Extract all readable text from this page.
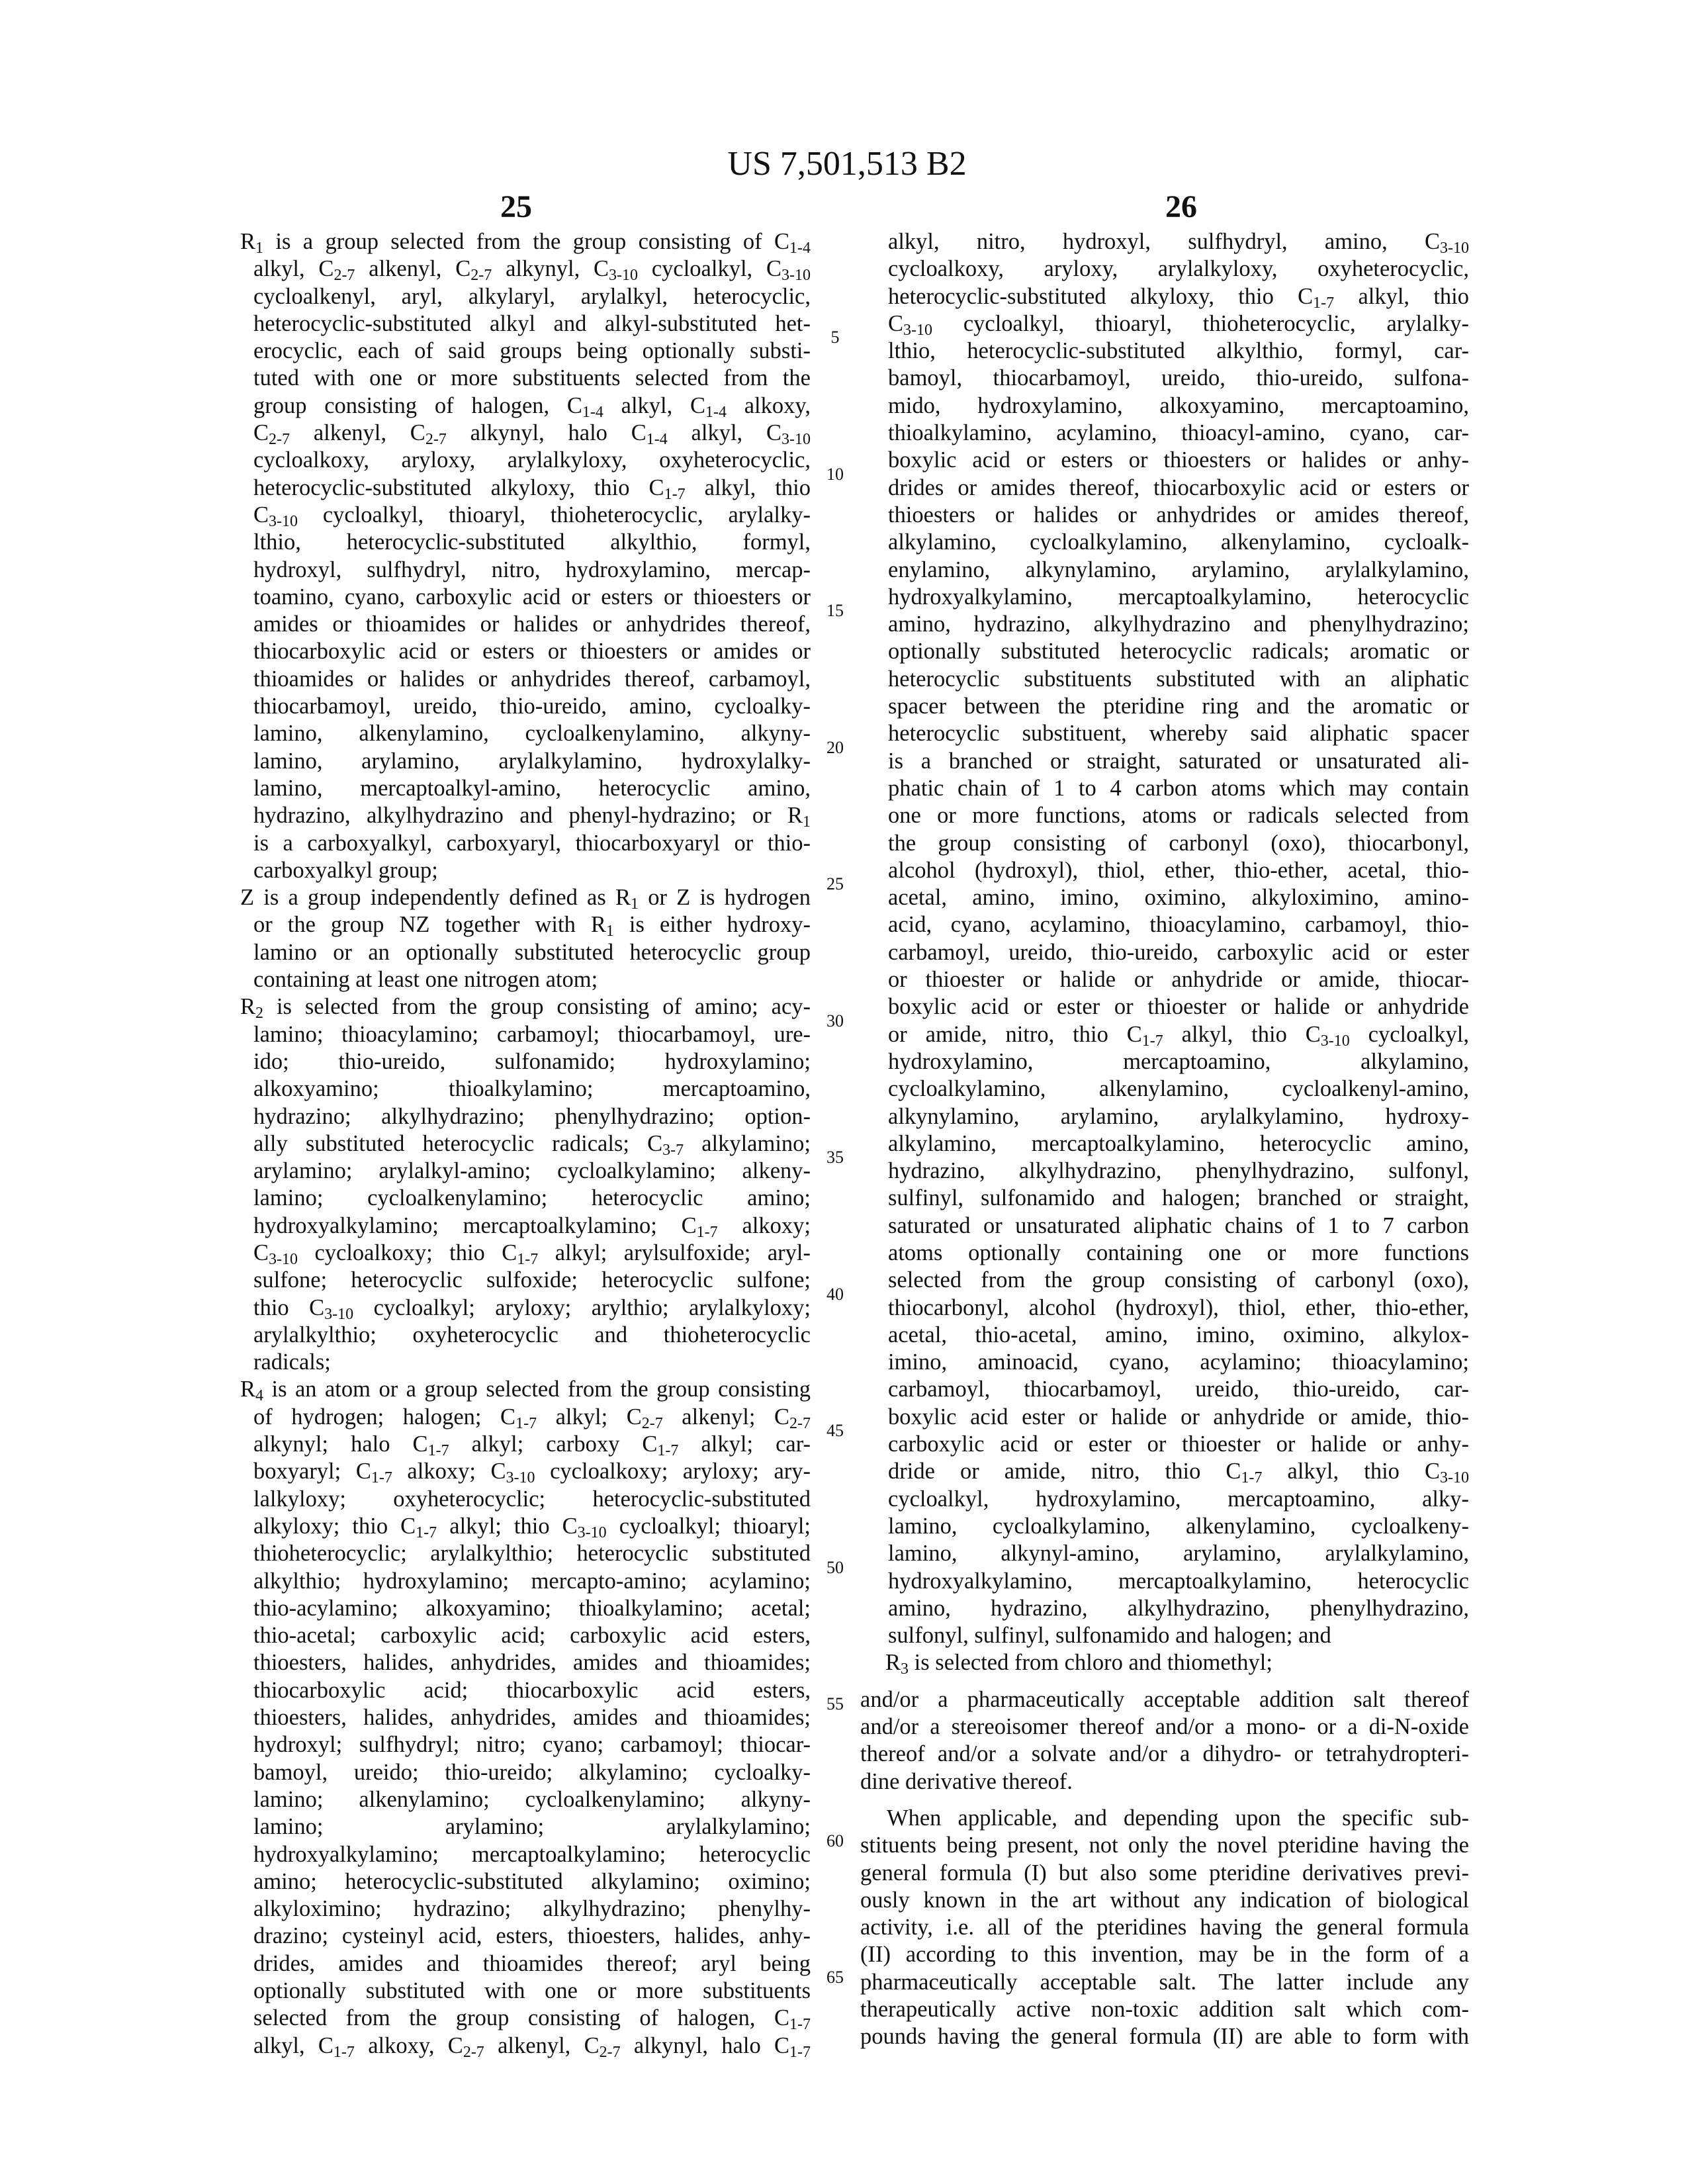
US 7,501,513 B2
25	26
$R_1$ is a group selected from the group consisting of $C_{1-4}$
alkyl, $C_{2-7}$ alkenyl, $C_{2-7}$ alkynyl, $C_{3-10}$ cycloalkyl, $C_{3-10}$
cycloalkenyl, aryl, alkylaryl, arylalkyl, heterocyclic,
heterocyclic-substituted alkyl and alkyl-substituted het-
erocyclic, each of said groups being optionally substi-
tuted with one or more substituents selected from the
group consisting of halogen, $C_{1-4}$ alkyl, $C_{1-4}$ alkoxy,
$C_{2-7}$ alkenyl, $C_{2-7}$ alkynyl, halo $C_{1-4}$ alkyl, $C_{3-10}$
cycloalkoxy, aryloxy, arylalkyloxy, oxyheterocyclic,
heterocyclic-substituted alkyloxy, thio $C_{1-7}$ alkyl, thio
$C_{3-10}$ cycloalkyl, thioaryl, thioheterocyclic, arylalky-
lthio, heterocyclic-substituted alkylthio, formyl,
hydroxyl, sulfhydryl, nitro, hydroxylamino, mercap-
toamino, cyano, carboxylic acid or esters or thioesters or
amides or thioamides or halides or anhydrides thereof,
thiocarboxylic acid or esters or thioesters or amides or
thioamides or halides or anhydrides thereof, carbamoyl,
thiocarbamoyl, ureido, thio-ureido, amino, cycloalky-
lamino, alkenylamino, cycloalkenylamino, alkyny-
lamino, arylamino, arylalkylamino, hydroxylalky-
lamino, mercaptoalkyl-amino, heterocyclic amino,
hydrazino, alkylhydrazino and phenyl-hydrazino; or $R_1$
is a carboxyalkyl, carboxyaryl, thiocarboxyaryl or thio-
carboxyalkyl group;
Z is a group independently defined as $R_1$ or Z is hydrogen
or the group NZ together with $R_1$ is either hydroxy-
lamino or an optionally substituted heterocyclic group
containing at least one nitrogen atom;
$R_2$ is selected from the group consisting of amino; acy-
lamino; thioacylamino; carbamoyl; thiocarbamoyl, ure-
ido; thio-ureido, sulfonamido; hydroxylamino;
alkoxyamino; thioalkylamino; mercaptoamino,
hydrazino; alkylhydrazino; phenylhydrazino; option-
ally substituted heterocyclic radicals; $C_{3-7}$ alkylamino;
arylamino; arylalkyl-amino; cycloalkylamino; alkeny-
lamino; cycloalkenylamino; heterocyclic amino;
hydroxyalkylamino; mercaptoalkylamino; $C_{1-7}$ alkoxy;
$C_{3-10}$ cycloalkoxy; thio $C_{1-7}$ alkyl; arylsulfoxide; aryl-
sulfone; heterocyclic sulfoxide; heterocyclic sulfone;
thio $C_{3-10}$ cycloalkyl; aryloxy; arylthio; arylalkyloxy;
arylalkylthio; oxyheterocyclic and thioheterocyclic
radicals;
$R_4$ is an atom or a group selected from the group consisting
of hydrogen; halogen; $C_{1-7}$ alkyl; $C_{2-7}$ alkenyl; $C_{2-7}$
alkynyl; halo $C_{1-7}$ alkyl; carboxy $C_{1-7}$ alkyl; car-
boxyaryl; $C_{1-7}$ alkoxy; $C_{3-10}$ cycloalkoxy; aryloxy; ary-
lalkyloxy; oxyheterocyclic; heterocyclic-substituted
alkyloxy; thio $C_{1-7}$ alkyl; thio $C_{3-10}$ cycloalkyl; thioaryl;
thioheterocyclic; arylalkylthio; heterocyclic substituted
alkylthio; hydroxylamino; mercapto-amino; acylamino;
thio-acylamino; alkoxyamino; thioalkylamino; acetal;
thio-acetal; carboxylic acid; carboxylic acid esters,
thioesters, halides, anhydrides, amides and thioamides;
thiocarboxylic acid; thiocarboxylic acid esters,
thioesters, halides, anhydrides, amides and thioamides;
hydroxyl; sulfhydryl; nitro; cyano; carbamoyl; thiocar-
bamoyl, ureido; thio-ureido; alkylamino; cycloalky-
lamino; alkenylamino; cycloalkenylamino; alkyny-
lamino; arylamino; arylalkylamino;
hydroxyalkylamino; mercaptoalkylamino; heterocyclic
amino; heterocyclic-substituted alkylamino; oximino;
alkyloximino; hydrazino; alkylhydrazino; phenylhy-
drazino; cysteinyl acid, esters, thioesters, halides, anhy-
drides, amides and thioamides thereof; aryl being
optionally substituted with one or more substituents
selected from the group consisting of halogen, $C_{1-7}$
alkyl, $C_{1-7}$ alkoxy, $C_{2-7}$ alkenyl, $C_{2-7}$ alkynyl, halo $C_{1-7}$
alkyl, nitro, hydroxyl, sulfhydryl, amino, $C_{3-10}$
cycloalkoxy, aryloxy, arylalkyloxy, oxyheterocyclic,
heterocyclic-substituted alkyloxy, thio $C_{1-7}$ alkyl, thio
$C_{3-10}$ cycloalkyl, thioaryl, thioheterocyclic, arylalky-
lthio, heterocyclic-substituted alkylthio, formyl, car-
bamoyl, thiocarbamoyl, ureido, thio-ureido, sulfona-
mido, hydroxylamino, alkoxyamino, mercaptoamino,
thioalkylamino, acylamino, thioacyl-amino, cyano, car-
boxylic acid or esters or thioesters or halides or anhy-
drides or amides thereof, thiocarboxylic acid or esters or
thioesters or halides or anhydrides or amides thereof,
alkylamino, cycloalkylamino, alkenylamino, cycloalk-
enylamino, alkynylamino, arylamino, arylalkylamino,
hydroxyalkylamino, mercaptoalkylamino, heterocyclic
amino, hydrazino, alkylhydrazino and phenylhydrazino;
optionally substituted heterocyclic radicals; aromatic or
heterocyclic substituents substituted with an aliphatic
spacer between the pteridine ring and the aromatic or
heterocyclic substituent, whereby said aliphatic spacer
is a branched or straight, saturated or unsaturated ali-
phatic chain of 1 to 4 carbon atoms which may contain
one or more functions, atoms or radicals selected from
the group consisting of carbonyl (oxo), thiocarbonyl,
alcohol (hydroxyl), thiol, ether, thio-ether, acetal, thio-
acetal, amino, imino, oximino, alkyloximino, amino-
acid, cyano, acylamino, thioacylamino, carbamoyl, thio-
carbamoyl, ureido, thio-ureido, carboxylic acid or ester
or thioester or halide or anhydride or amide, thiocar-
boxylic acid or ester or thioester or halide or anhydride
or amide, nitro, thio $C_{1-7}$ alkyl, thio $C_{3-10}$ cycloalkyl,
hydroxylamino, mercaptoamino, alkylamino,
cycloalkylamino, alkenylamino, cycloalkenyl-amino,
alkynylamino, arylamino, arylalkylamino, hydroxy-
alkylamino, mercaptoalkylamino, heterocyclic amino,
hydrazino, alkylhydrazino, phenylhydrazino, sulfonyl,
sulfinyl, sulfonamido and halogen; branched or straight,
saturated or unsaturated aliphatic chains of 1 to 7 carbon
atoms optionally containing one or more functions
selected from the group consisting of carbonyl (oxo),
thiocarbonyl, alcohol (hydroxyl), thiol, ether, thio-ether,
acetal, thio-acetal, amino, imino, oximino, alkylox-
imino, aminoacid, cyano, acylamino; thioacylamino;
carbamoyl, thiocarbamoyl, ureido, thio-ureido, car-
boxylic acid ester or halide or anhydride or amide, thio-
carboxylic acid or ester or thioester or halide or anhy-
dride or amide, nitro, thio $C_{1-7}$ alkyl, thio $C_{3-10}$
cycloalkyl, hydroxylamino, mercaptoamino, alky-
lamino, cycloalkylamino, alkenylamino, cycloalkeny-
lamino, alkynyl-amino, arylamino, arylalkylamino,
hydroxyalkylamino, mercaptoalkylamino, heterocyclic
amino, hydrazino, alkylhydrazino, phenylhydrazino,
sulfonyl, sulfinyl, sulfonamido and halogen; and
$R_3$ is selected from chloro and thiomethyl;
and/or a pharmaceutically acceptable addition salt thereof
and/or a stereoisomer thereof and/or a mono- or a di-N-oxide
thereof and/or a solvate and/or a dihydro- or tetrahydropteri-
dine derivative thereof.
When applicable, and depending upon the specific sub-
stituents being present, not only the novel pteridine having the
general formula (I) but also some pteridine derivatives previ-
ously known in the art without any indication of biological
activity, i.e. all of the pteridines having the general formula
(II) according to this invention, may be in the form of a
pharmaceutically acceptable salt. The latter include any
therapeutically active non-toxic addition salt which com-
pounds having the general formula (II) are able to form with
5
10
15
20
25
30
35
40
45
50
55
60
65
